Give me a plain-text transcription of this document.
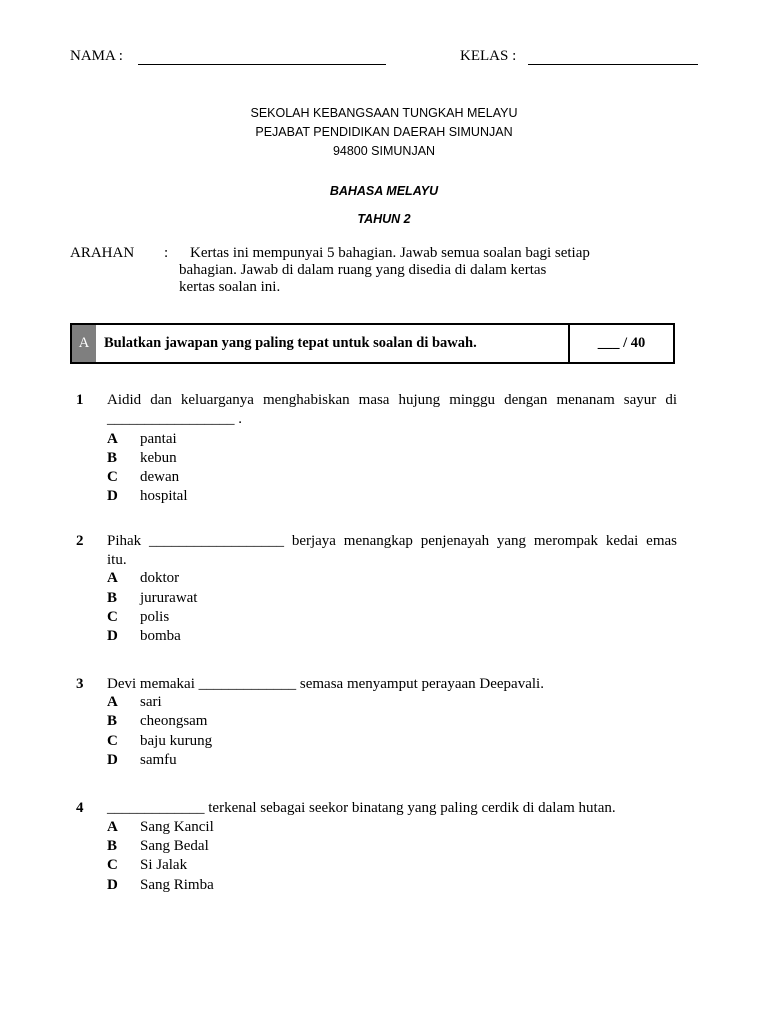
NAMA :	KELAS :
SEKOLAH KEBANGSAAN TUNGKAH MELAYU
PEJABAT PENDIDIKAN DAERAH SIMUNJAN
94800 SIMUNJAN
BAHASA MELAYU
TAHUN 2
ARAHAN :	Kertas ini mempunyai 5 bahagian. Jawab semua soalan bagi setiap
bahagian. Jawab di dalam ruang yang disedia di dalam kertas
kertas soalan ini.
A	Bulatkan jawapan yang paling tepat untuk soalan di bawah.	___ / 40
1 Aidid dan keluarganya menghabiskan masa hujung minggu dengan menanam sayur di
_________________ .
A pantai
B kebun
C dewan
D hospital
2 Pihak __________________ berjaya menangkap penjenayah yang merompak kedai emas
itu.
A doktor
B jururawat
C polis
D bomba
3 Devi memakai _____________ semasa menyamput perayaan Deepavali.
A sari
B cheongsam
C baju kurung
D samfu
4 _____________ terkenal sebagai seekor binatang yang paling cerdik di dalam hutan.
A Sang Kancil
B Sang Bedal
C Si Jalak
D Sang Rimba
